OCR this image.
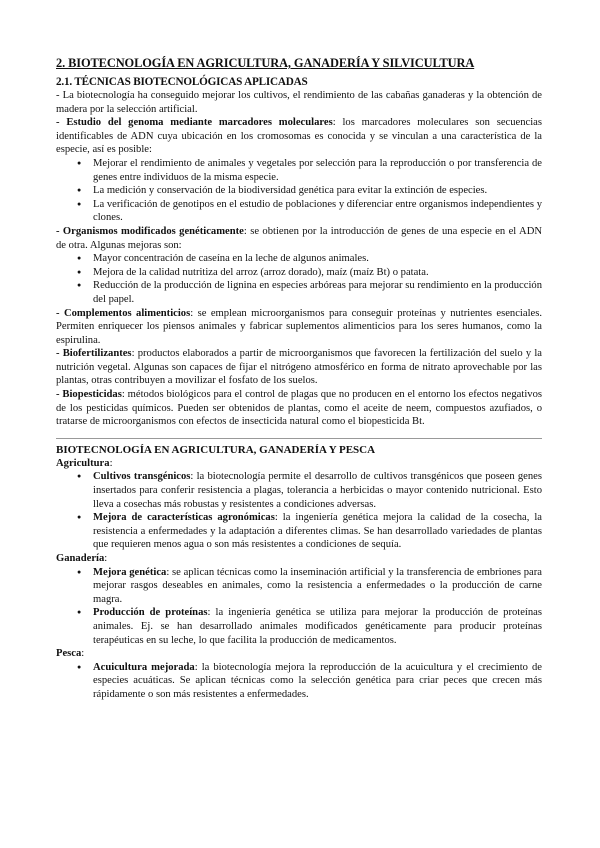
2. BIOTECNOLOGÍA EN AGRICULTURA, GANADERÍA Y SILVICULTURA
2.1. TÉCNICAS BIOTECNOLÓGICAS APLICADAS

- La biotecnología ha conseguido mejorar los cultivos, el rendimiento de las cabañas ganaderas y la obtención de madera por la selección artificial.

- Estudio del genoma mediante marcadores moleculares: los marcadores moleculares son secuencias identificables de ADN cuya ubicación en los cromosomas es conocida y se vinculan a una característica de la especie, así es posible:

● Mejorar el rendimiento de animales y vegetales por selección para la reproducción o por transferencia de genes entre individuos de la misma especie.
● La medición y conservación de la biodiversidad genética para evitar la extinción de especies.
● La verificación de genotipos en el estudio de poblaciones y diferenciar entre organismos independientes y clones.

- Organismos modificados genéticamente: se obtienen por la introducción de genes de una especie en el ADN de otra. Algunas mejoras son:

● Mayor concentración de caseína en la leche de algunos animales.
● Mejora de la calidad nutritiza del arroz (arroz dorado), maíz (maíz Bt) o patata.
● Reducción de la producción de lignina en especies arbóreas para mejorar su rendimiento en la producción del papel.

- Complementos alimenticios: se emplean microorganismos para conseguir proteínas y nutrientes esenciales. Permiten enriquecer los piensos animales y fabricar suplementos alimenticios para los seres humanos, como la espirulina.

- Biofertilizantes: productos elaborados a partir de microorganismos que favorecen la fertilización del suelo y la nutrición vegetal. Algunas son capaces de fijar el nitrógeno atmosférico en forma de nitrato aprovechable por las plantas, otras contribuyen a movilizar el fosfato de los suelos.

- Biopesticidas: métodos biológicos para el control de plagas que no producen en el entorno los efectos negativos de los pesticidas químicos. Pueden ser obtenidos de plantas, como el aceite de neem, compuestos azufiados, o tratarse de microorganismos con efectos de insecticida natural como el biopesticida Bt.

BIOTECNOLOGÍA EN AGRICULTURA, GANADERÍA Y PESCA
Agricultura:
● Cultivos transgénicos: la biotecnología permite el desarrollo de cultivos transgénicos que poseen genes insertados para conferir resistencia a plagas, tolerancia a herbicidas o mayor contenido nutricional. Esto lleva a cosechas más robustas y resistentes a condiciones adversas.
● Mejora de características agronómicas: la ingeniería genética mejora la calidad de la cosecha, la resistencia a enfermedades y la adaptación a diferentes climas. Se han desarrollado variedades de plantas que requieren menos agua o son más resistentes a condiciones de sequía.
Ganadería:
● Mejora genética: se aplican técnicas como la inseminación artificial y la transferencia de embriones para mejorar rasgos deseables en animales, como la resistencia a enfermedades o la producción de carne magra.
● Producción de proteínas: la ingeniería genética se utiliza para mejorar la producción de proteínas animales. Ej. se han desarrollado animales modificados genéticamente para producir proteínas terapéuticas en su leche, lo que facilita la producción de medicamentos.
Pesca:
● Acuicultura mejorada: la biotecnología mejora la reproducción de la acuicultura y el crecimiento de especies acuáticas. Se aplican técnicas como la selección genética para criar peces que crecen más rápidamente o son más resistentes a enfermedades.
